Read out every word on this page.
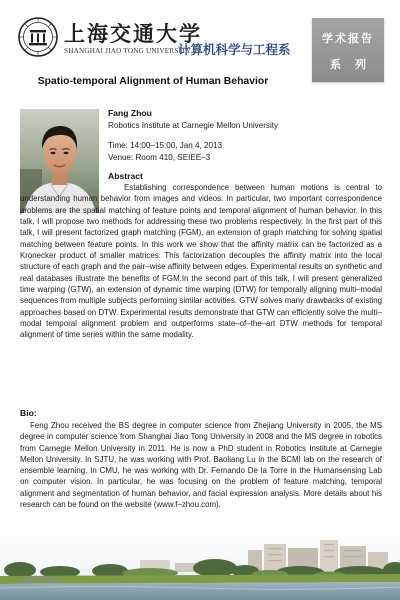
上海交通大学
SHANGHAI JIAO TONG UNIVERSITY
计算机科学与工程系
学术报告
系列
Spatio-temporal Alignment of Human Behavior
Fang Zhou
Robotics Institute at Carnegie Mellon University
Time: 14:00–15:00, Jan 4, 2013
Venue: Room 410, SEIEE–3
Abstract

Establishing correspondence between human motions is central to understanding human behavior from images and videos. In particular, two important correspondence problems are the spatial matching of feature points and temporal alignment of human behavior. In this talk, I will propose two methods for addressing these two problems respectively. In the first part of this talk, I will present factorized graph matching (FGM), an extension of graph matching for solving spatial matching between feature points. In this work we show that the affinity matrix can be factorized as a Kronecker product of smaller matrices. This factorization decouples the affinity matrix into the local structure of each graph and the pair–wise affinity between edges. Experimental results on synthetic and real databases illustrate the benefits of FGM.In the second part of this talk, I will present generalized time warping (GTW), an extension of dynamic time warping (DTW) for temporally aligning multi–modal sequences from multiple subjects performing similar activities. GTW solves many drawbacks of existing approaches based on DTW. Experimental results demonstrate that GTW can efficiently solve the multi–modal temporal alignment problem and outperforms state–of–the–art DTW methods for temporal alignment of time series within the same modality.

Bio:

Feng Zhou received the BS degree in computer science from Zhejiang University in 2005, the MS degree in computer science from Shanghai Jiao Tong University in 2008 and the MS degree in robotics from Carnegie Mellon University in 2011. He is now a PhD student in Robotics Institute at Carnegie Mellon University. In SJTU, he was working with Prof. Baoliang Lu in the BCMI lab on the research of ensemble learning. In CMU, he was working with Dr. Fernando De la Torre in the Humansensing Lab on computer vision. In particular, he was focusing on the problem of feature matching, temporal alignment and segmentation of human behavior, and facial expression analysis. More details about his research can be found on the website (www.f–zhou.com).
